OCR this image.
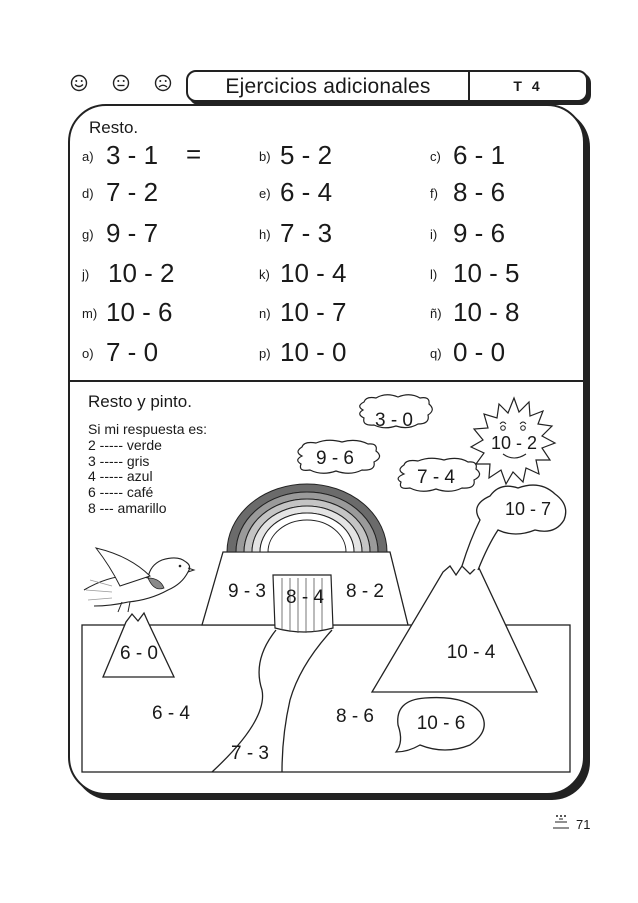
Ejercicios adicionales	T 4
Resto.
a) 3 - 1	b) 5 - 2	c) 6 - 1
d) 7 - 2	e) 6 - 4	f) 8 - 6
g) 9 - 7	h) 7 - 3	i) 9 - 6
j) 10 - 2	k) 10 - 4	l) 10 - 5
m) 10 - 6	n) 10 - 7	ñ) 10 - 8
o) 7 - 0	p) 10 - 0	q) 0 - 0
=
Resto y pinto.
Si mi respuesta es:
2 ----- verde
3 ----- gris
4 ----- azul
6 ----- café
8 --- amarillo
3 - 0
9 - 6
7 - 4
10 - 2
10 - 7
9 - 3 8 - 4 8 - 2
6 - 0	10 - 4
6 - 4	8 - 6 10 - 6
7 - 3
71
